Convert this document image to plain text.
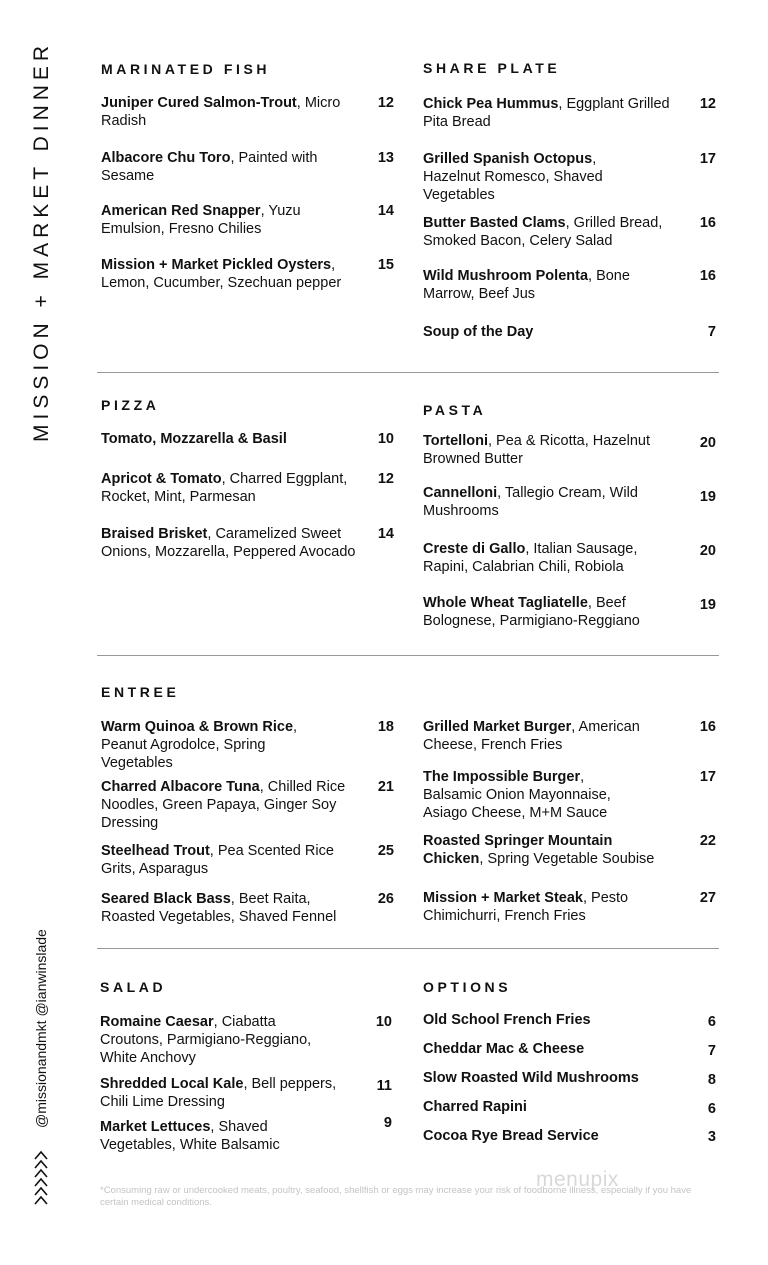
MISSION + MARKET DINNER
@missionandmkt @ianwinslade
MARINATED FISH
Juniper Cured Salmon-Trout, Micro Radish
12
Albacore Chu Toro, Painted with Sesame
13
American Red Snapper, Yuzu Emulsion, Fresno Chilies
14
Mission + Market Pickled Oysters, Lemon, Cucumber, Szechuan pepper
15
SHARE PLATE
Chick Pea Hummus, Eggplant Grilled Pita Bread
12
Grilled Spanish Octopus, Hazelnut Romesco, Shaved Vegetables
17
Butter Basted Clams, Grilled Bread, Smoked Bacon, Celery Salad
16
Wild Mushroom Polenta, Bone Marrow, Beef Jus
16
Soup of the Day	7
PIZZA
Tomato, Mozzarella & Basil	10
Apricot & Tomato, Charred Eggplant, Rocket, Mint, Parmesan
12
Braised Brisket, Caramelized Sweet Onions, Mozzarella, Peppered Avocado
14
PASTA
Tortelloni, Pea & Ricotta, Hazelnut Browned Butter
20
Cannelloni, Tallegio Cream, Wild Mushrooms
19
Creste di Gallo, Italian Sausage, Rapini, Calabrian Chili, Robiola
20
Whole Wheat Tagliatelle, Beef Bolognese, Parmigiano-Reggiano
19
ENTREE
Warm Quinoa & Brown Rice, Peanut Agrodolce, Spring Vegetables
18
Charred Albacore Tuna, Chilled Rice Noodles, Green Papaya, Ginger Soy Dressing
21
Steelhead Trout, Pea Scented Rice Grits, Asparagus
25
Seared Black Bass, Beet Raita, Roasted Vegetables, Shaved Fennel
26
Grilled Market Burger, American Cheese, French Fries
16
The Impossible Burger, Balsamic Onion Mayonnaise, Asiago Cheese, M+M Sauce
17
Roasted Springer Mountain Chicken, Spring Vegetable Soubise
22
Mission + Market Steak, Pesto Chimichurri, French Fries
27
SALAD
Romaine Caesar, Ciabatta Croutons, Parmigiano-Reggiano, White Anchovy
10
Shredded Local Kale, Bell peppers, Chili Lime Dressing
11
Market Lettuces, Shaved Vegetables, White Balsamic
9
OPTIONS
Old School French Fries	6
Cheddar Mac & Cheese	7
Slow Roasted Wild Mushrooms	8
Charred Rapini	6
Cocoa Rye Bread Service	3
menupix
*Consuming raw or undercooked meats, poultry, seafood, shellfish or eggs may increase your risk of foodborne illness, especially if you have certain medical conditions.
